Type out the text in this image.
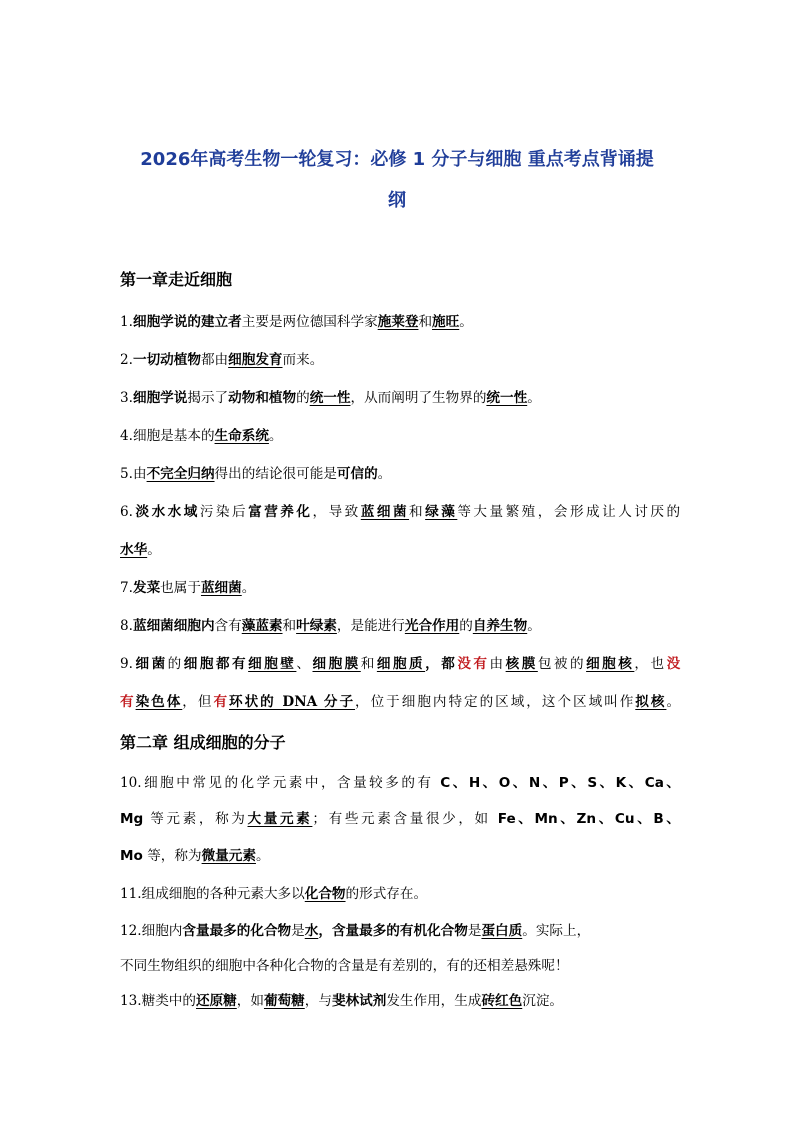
2026年高考生物一轮复习：必修 1 分子与细胞 重点考点背诵提

纲

第一章走近细胞

1.细胞学说的建立者主要是两位德国科学家施莱登和施旺。

2.一切动植物都由细胞发育而来。

3.细胞学说揭示了动物和植物的统一性，从而阐明了生物界的统一性。

4.细胞是基本的生命系统。

5.由不完全归纳得出的结论很可能是可信的。

6.淡水水域污染后富营养化，导致蓝细菌和绿藻等大量繁殖，会形成让人讨厌的

水华。

7.发菜也属于蓝细菌。

8.蓝细菌细胞内含有藻蓝素和叶绿素，是能进行光合作用的自养生物。

9.细菌的细胞都有细胞壁、细胞膜和细胞质，都没有由核膜包被的细胞核，也没

有染色体，但有环状的 DNA 分子，位于细胞内特定的区域，这个区域叫作拟核。

第二章 组成细胞的分子

10.细胞中常见的化学元素中，含量较多的有 C、H、O、N、P、S、K、Ca、

Mg 等元素，称为大量元素；有些元素含量很少，如 Fe、Mn、Zn、Cu、B、

Mo 等，称为微量元素。

11.组成细胞的各种元素大多以化合物的形式存在。

12.细胞内含量最多的化合物是水，含量最多的有机化合物是蛋白质。实际上，

不同生物组织的细胞中各种化合物的含量是有差别的，有的还相差悬殊呢！

13.糖类中的还原糖，如葡萄糖，与斐林试剂发生作用，生成砖红色沉淀。
